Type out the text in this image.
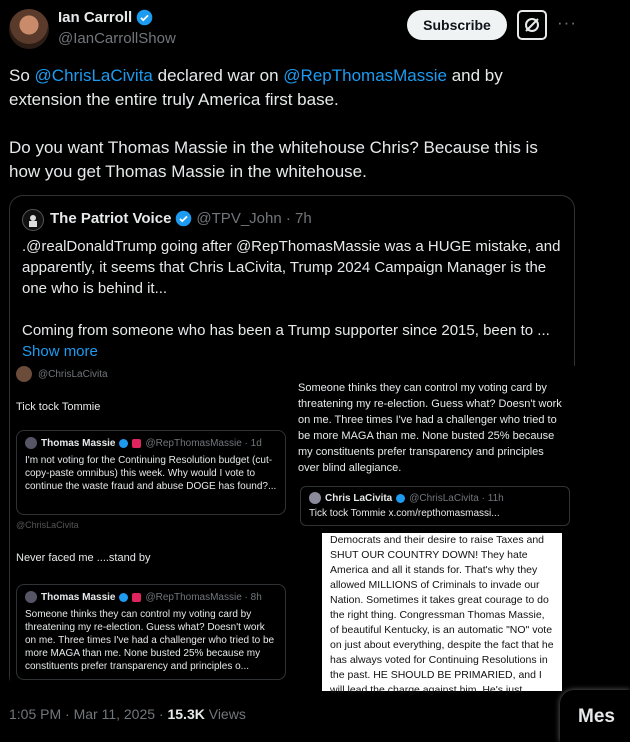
Ian Carroll
@IanCarrollShow
Subscribe	···

So @ChrisLaCivita declared war on @RepThomasMassie and by extension the entire truly America first base.

Do you want Thomas Massie in the whitehouse Chris? Because this is how you get Thomas Massie in the whitehouse.

The Patriot Voice @TPV_John · 7h

.@realDonaldTrump going after @RepThomasMassie was a HUGE mistake, and apparently, it seems that Chris LaCivita, Trump 2024 Campaign Manager is the one who is behind it...

Coming from someone who has been a Trump supporter since 2015, been to ...

Show more

@ChrisLaCivita
Tick tock Tommie
Thomas Massie	@RepThomasMassie · 1d
I'm not voting for the Continuing Resolution budget (cut-copy-paste omnibus) this week. Why would I vote to continue the waste fraud and abuse DOGE has found?...
@ChrisLaCivita
Never faced me ....stand by
Thomas Massie	@RepThomasMassie · 8h
Someone thinks they can control my voting card by threatening my re-election. Guess what? Doesn't work on me. Three times I've had a challenger who tried to be more MAGA than me. None busted 25% because my constituents prefer transparency and principles o...
Someone thinks they can control my voting card by threatening my re-election. Guess what? Doesn't work on me. Three times I've had a challenger who tried to be more MAGA than me. None busted 25% because my constituents prefer transparency and principles over blind allegiance.
Chris LaCivita @ChrisLaCivita · 11h
Tick tock Tommie x.com/repthomasmassi...
Democrats and their desire to raise Taxes and SHUT OUR COUNTRY DOWN! They hate America and all it stands for. That's why they allowed MILLIONS of Criminals to invade our Nation. Sometimes it takes great courage to do the right thing. Congressman Thomas Massie, of beautiful Kentucky, is an automatic "NO" vote on just about everything, despite the fact that he has always voted for Continuing Resolutions in the past. HE SHOULD BE PRIMARIED, and I will lead the charge against him. He's just
1:05 PM · Mar 11, 2025 · 15.3K Views	Mes
